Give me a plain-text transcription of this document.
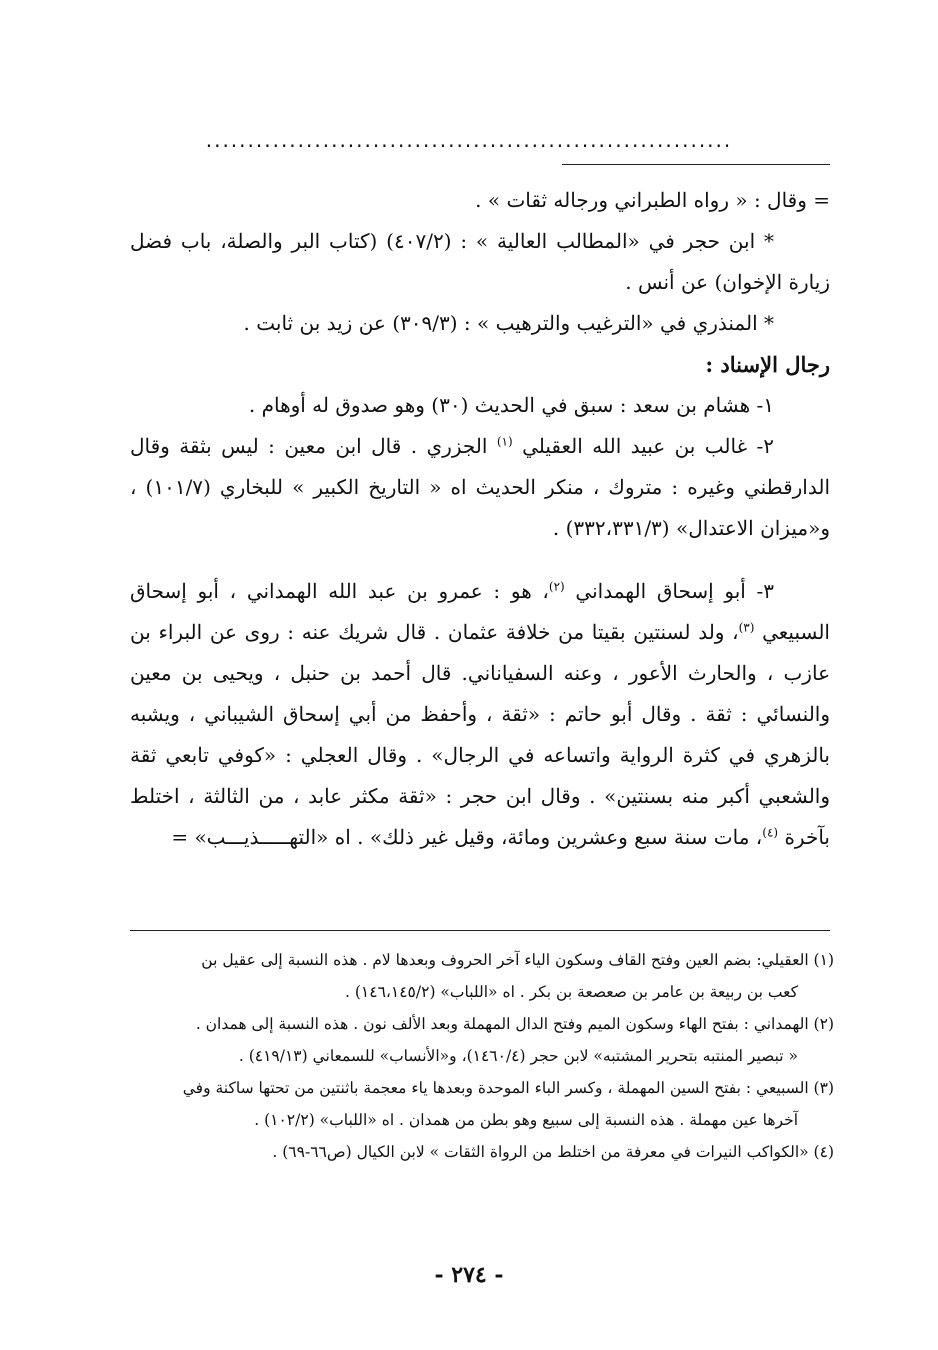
...............................................................

= وقال : « رواه الطبراني ورجاله ثقات » .

* ابن حجر في «المطالب العالية » : (٤٠٧/٢) (كتاب البر والصلة، باب فضل زيارة الإخوان) عن أنس .

* المنذري في «الترغيب والترهيب » : (٣٠٩/٣) عن زيد بن ثابت .

رجال الإسناد :

١- هشام بن سعد : سبق في الحديث (٣٠) وهو صدوق له أوهام .

٢- غالب بن عبيد الله العقيلي $^{(١)}$ الجزري . قال ابن معين : ليس بثقة وقال الدارقطني وغيره : متروك ، منكر الحديث اه « التاريخ الكبير » للبخاري (١٠١/٧) ، و«ميزان الاعتدال» (٣٣٢،٣٣١/٣) .

٣- أبو إسحاق الهمداني $^{(٢)}$، هو : عمرو بن عبد الله الهمداني ، أبو إسحاق السبيعي $^{(٣)}$، ولد لسنتين بقيتا من خلافة عثمان . قال شريك عنه : روى عن البراء بن عازب ، والحارث الأعور ، وعنه السفياناني. قال أحمد بن حنبل ، ويحيى بن معين والنسائي : ثقة . وقال أبو حاتم : «ثقة ، وأحفظ من أبي إسحاق الشيباني ، ويشبه بالزهري في كثرة الرواية واتساعه في الرجال» . وقال العجلي : «كوفي تابعي ثقة والشعبي أكبر منه بسنتين» . وقال ابن حجر : «ثقة مكثر عابد ، من الثالثة ، اختلط بآخرة $^{(٤)}$، مات سنة سبع وعشرين ومائة، وقيل غير ذلك» . اه «التهـــــذيـــب» =

(١) العقيلي: بضم العين وفتح القاف وسكون الياء آخر الحروف وبعدها لام . هذه النسبة إلى عقيل بن

كعب بن ربيعة بن عامر بن صعصعة بن بكر . اه «اللباب» (١٤٦،١٤٥/٢) .

(٢) الهمداني : بفتح الهاء وسكون الميم وفتح الدال المهملة وبعد الألف نون . هذه النسبة إلى همدان .

« تبصير المنتبه بتحرير المشتبه» لابن حجر (١٤٦٠/٤)، و«الأنساب» للسمعاني (٤١٩/١٣) .

(٣) السبيعي : بفتح السين المهملة ، وكسر الباء الموحدة وبعدها ياء معجمة باثنتين من تحتها ساكنة وفي

آخرها عين مهملة . هذه النسبة إلى سبيع وهو بطن من همدان . اه «اللباب» (١٠٢/٢) .

(٤) «الكواكب النيرات في معرفة من اختلط من الرواة الثقات » لابن الكيال (ص٦٦-٦٩) .

- ٢٧٤ -
